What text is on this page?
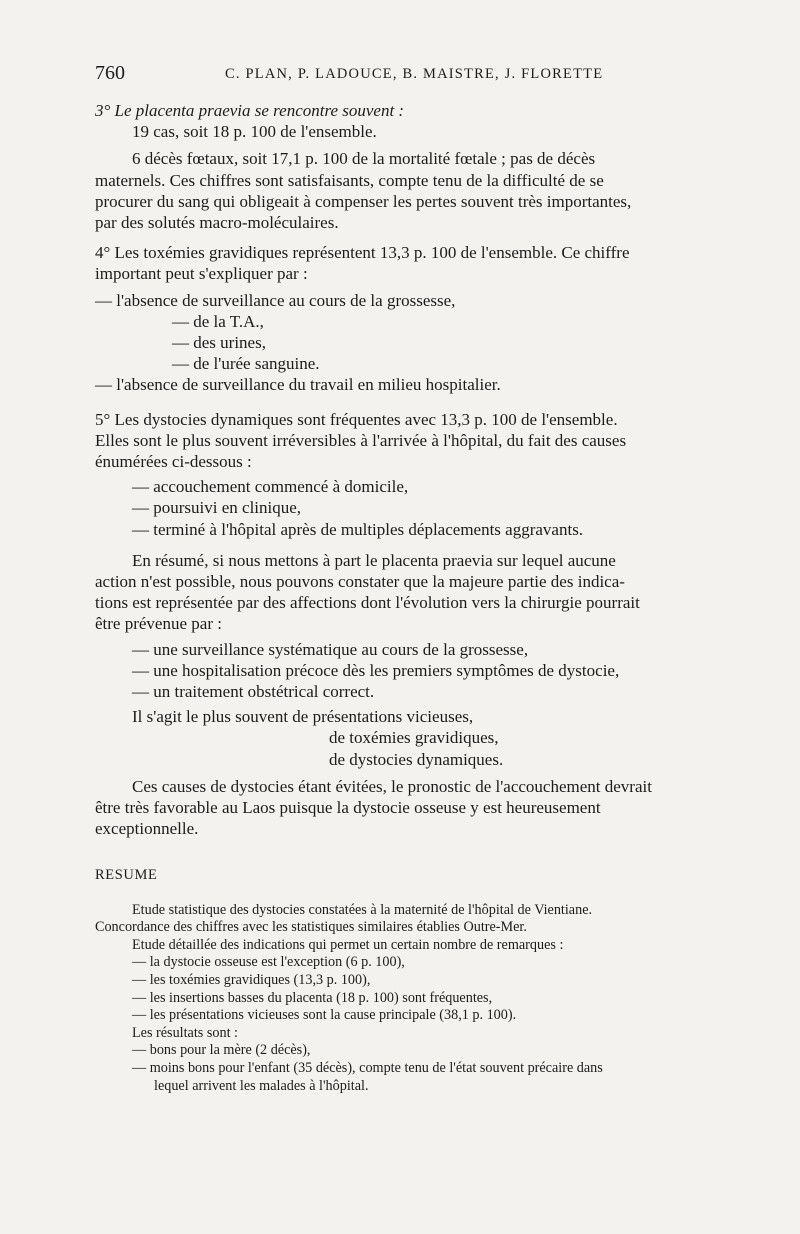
760	C. PLAN, P. LADOUCE, B. MAISTRE, J. FLORETTE
3° Le placenta praevia se rencontre souvent :
19 cas, soit 18 p. 100 de l'ensemble.
6 décès fœtaux, soit 17,1 p. 100 de la mortalité fœtale ; pas de décès
maternels. Ces chiffres sont satisfaisants, compte tenu de la difficulté de se
procurer du sang qui obligeait à compenser les pertes souvent très importantes,
par des solutés macro-moléculaires.
4° Les toxémies gravidiques représentent 13,3 p. 100 de l'ensemble. Ce chiffre
important peut s'expliquer par :
— l'absence de surveillance au cours de la grossesse,
— de la T.A.,
— des urines,
— de l'urée sanguine.
— l'absence de surveillance du travail en milieu hospitalier.
5° Les dystocies dynamiques sont fréquentes avec 13,3 p. 100 de l'ensemble.
Elles sont le plus souvent irréversibles à l'arrivée à l'hôpital, du fait des causes
énumérées ci-dessous :
— accouchement commencé à domicile,
— poursuivi en clinique,
— terminé à l'hôpital après de multiples déplacements aggravants.
En résumé, si nous mettons à part le placenta praevia sur lequel aucune
action n'est possible, nous pouvons constater que la majeure partie des indica-
tions est représentée par des affections dont l'évolution vers la chirurgie pourrait
être prévenue par :
— une surveillance systématique au cours de la grossesse,
— une hospitalisation précoce dès les premiers symptômes de dystocie,
— un traitement obstétrical correct.
Il s'agit le plus souvent de présentations vicieuses,
de toxémies gravidiques,
de dystocies dynamiques.
Ces causes de dystocies étant évitées, le pronostic de l'accouchement devrait
être très favorable au Laos puisque la dystocie osseuse y est heureusement
exceptionnelle.
RESUME
Etude statistique des dystocies constatées à la maternité de l'hôpital de Vientiane.
Concordance des chiffres avec les statistiques similaires établies Outre-Mer.
Etude détaillée des indications qui permet un certain nombre de remarques :
— la dystocie osseuse est l'exception (6 p. 100),
— les toxémies gravidiques (13,3 p. 100),
— les insertions basses du placenta (18 p. 100) sont fréquentes,
— les présentations vicieuses sont la cause principale (38,1 p. 100).
Les résultats sont :
— bons pour la mère (2 décès),
— moins bons pour l'enfant (35 décès), compte tenu de l'état souvent précaire dans
lequel arrivent les malades à l'hôpital.
